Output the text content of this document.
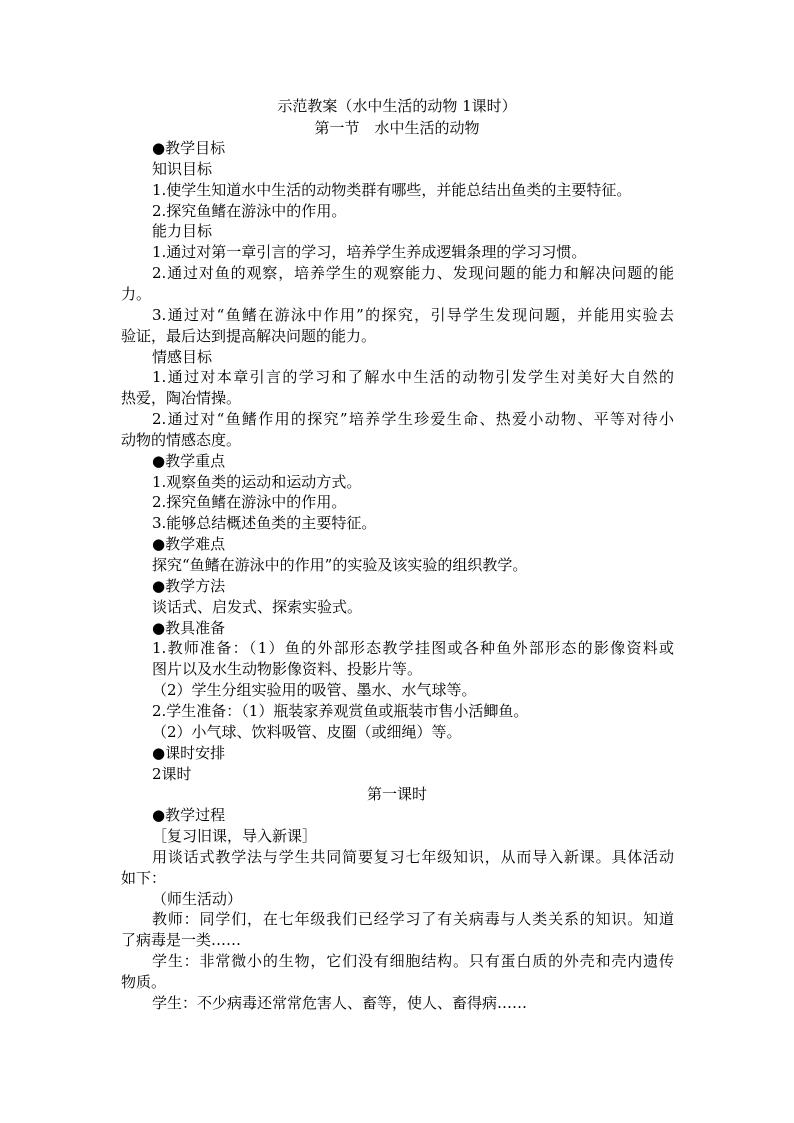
示范教案（水中生活的动物 1课时）
第一节　水中生活的动物
●教学目标
知识目标
1.使学生知道水中生活的动物类群有哪些，并能总结出鱼类的主要特征。
2.探究鱼鳍在游泳中的作用。
能力目标
1.通过对第一章引言的学习，培养学生养成逻辑条理的学习习惯。
2.通过对鱼的观察，培养学生的观察能力、发现问题的能力和解决问题的能
力。
3.通过对“鱼鳍在游泳中作用”的探究，引导学生发现问题，并能用实验去
验证，最后达到提高解决问题的能力。
情感目标
1.通过对本章引言的学习和了解水中生活的动物引发学生对美好大自然的
热爱，陶冶情操。
2.通过对“鱼鳍作用的探究”培养学生珍爱生命、热爱小动物、平等对待小
动物的情感态度。
●教学重点
1.观察鱼类的运动和运动方式。
2.探究鱼鳍在游泳中的作用。
3.能够总结概述鱼类的主要特征。
●教学难点
探究“鱼鳍在游泳中的作用”的实验及该实验的组织教学。
●教学方法
谈话式、启发式、探索实验式。
●教具准备
1.教师准备：（1）鱼的外部形态教学挂图或各种鱼外部形态的影像资料或
图片以及水生动物影像资料、投影片等。
（2）学生分组实验用的吸管、墨水、水气球等。
2.学生准备：（1）瓶装家养观赏鱼或瓶装市售小活鲫鱼。
（2）小气球、饮料吸管、皮圈（或细绳）等。
●课时安排
2课时
第一课时
●教学过程
［复习旧课，导入新课］
用谈话式教学法与学生共同简要复习七年级知识，从而导入新课。具体活动
如下：
（师生活动）
教师：同学们，在七年级我们已经学习了有关病毒与人类关系的知识。知道
了病毒是一类……
学生：非常微小的生物，它们没有细胞结构。只有蛋白质的外壳和壳内遗传
物质。
学生：不少病毒还常常危害人、畜等，使人、畜得病……
